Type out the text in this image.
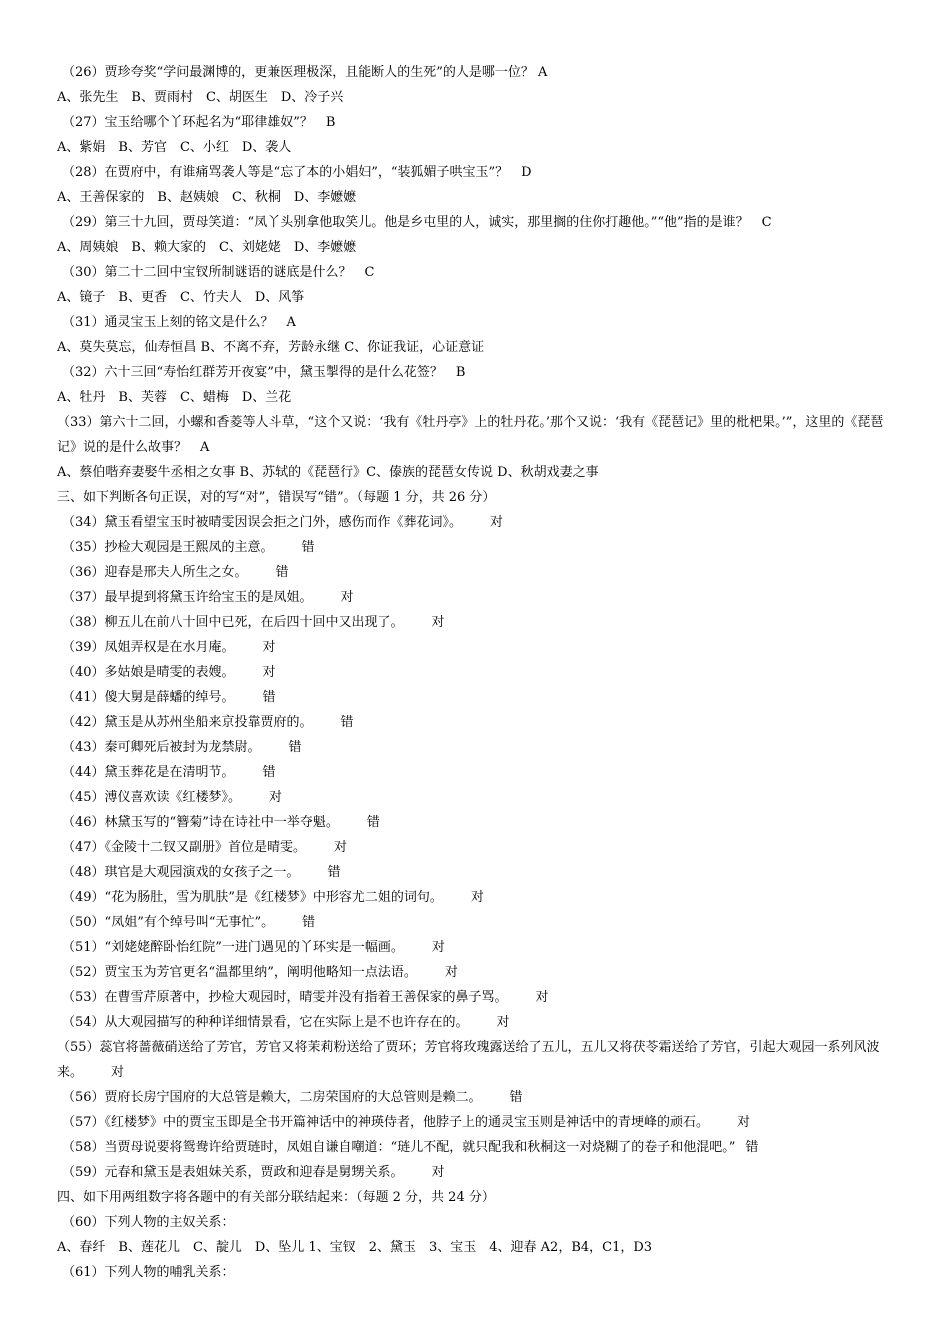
（26）贾珍夸奖“学问最渊博的，更兼医理极深，且能断人的生死”的人是哪一位？ A
A、张先生　B、贾雨村　C、胡医生　D、冷子兴
（27）宝玉给哪个丫环起名为“耶律雄奴”？　B
A、紫娟　B、芳官　C、小红　D、袭人
（28）在贾府中，有谁痛骂袭人等是“忘了本的小娼妇”，“装狐媚子哄宝玉”？　D
A、王善保家的　B、赵姨娘　C、秋桐　D、李嬷嬷
（29）第三十九回，贾母笑道：“凤丫头别拿他取笑儿。他是乡屯里的人，诚实，那里搁的住你打趣他。”“他”指的是谁？　C
A、周姨娘　B、赖大家的　C、刘姥姥　D、李嬷嬷
（30）第二十二回中宝钗所制谜语的谜底是什么？　C
A、镜子　B、更香　C、竹夫人　D、风筝
（31）通灵宝玉上刻的铭文是什么？　A
A、莫失莫忘，仙寿恒昌 B、不离不弃，芳龄永继 C、你证我证，心证意证
（32）六十三回“寿怡红群芳开夜宴”中，黛玉掣得的是什么花签？　B
A、牡丹　B、芙蓉　C、蜡梅　D、兰花
（33）第六十二回，小螺和香菱等人斗草，“这个又说：‘我有《牡丹亭》上的牡丹花。’那个又说：‘我有《琵琶记》里的枇杷果。’”，这里的《琵琶记》说的是什么故事？　A
A、蔡伯喈弃妻娶牛丞相之女事 B、苏轼的《琵琶行》C、傣族的琵琶女传说 D、秋胡戏妻之事
三、如下判断各句正误，对的写“对”，错误写“错”。（每题 1 分，共 26 分）
（34）黛玉看望宝玉时被晴雯因误会拒之门外，感伤而作《葬花词》。 对
（35）抄检大观园是王熙凤的主意。 错
（36）迎春是邢夫人所生之女。 错
（37）最早提到将黛玉许给宝玉的是凤姐。 对
（38）柳五儿在前八十回中已死，在后四十回中又出现了。 对
（39）凤姐弄权是在水月庵。 对
（40）多姑娘是晴雯的表嫂。 对
（41）傻大舅是薛蟠的绰号。 错
（42）黛玉是从苏州坐船来京投靠贾府的。 错
（43）秦可卿死后被封为龙禁尉。 错
（44）黛玉葬花是在清明节。 错
（45）溥仪喜欢读《红楼梦》。 对
（46）林黛玉写的“簪菊”诗在诗社中一举夺魁。 错
（47）《金陵十二钗又副册》首位是晴雯。 对
（48）琪官是大观园演戏的女孩子之一。 错
（49）“花为肠肚，雪为肌肤”是《红楼梦》中形容尤二姐的词句。 对
（50）“凤姐”有个绰号叫“无事忙”。 错
（51）“刘姥姥醉卧怡红院”一进门遇见的丫环实是一幅画。 对
（52）贾宝玉为芳官更名“温都里纳”，阐明他略知一点法语。 对
（53）在曹雪芹原著中，抄检大观园时，晴雯并没有指着王善保家的鼻子骂。 对
（54）从大观园描写的种种详细情景看，它在实际上是不也许存在的。 对
（55）蕊官将蔷薇硝送给了芳官，芳官又将茉莉粉送给了贾环；芳官将玫瑰露送给了五儿，五儿又将茯苓霜送给了芳官，引起大观园一系列风波来。 对
（56）贾府长房宁国府的大总管是赖大，二房荣国府的大总管则是赖二。 错
（57）《红楼梦》中的贾宝玉即是全书开篇神话中的神瑛侍者，他脖子上的通灵宝玉则是神话中的青埂峰的顽石。 对
（58）当贾母说要将鸳鸯许给贾琏时，凤姐自谦自嘲道：“琏儿不配，就只配我和秋桐这一对烧糊了的卷子和他混吧。” 错
（59）元春和黛玉是表姐妹关系，贾政和迎春是舅甥关系。 对
四、如下用两组数字将各题中的有关部分联结起来：（每题 2 分，共 24 分）
（60）下列人物的主奴关系：
A、春纤　B、莲花儿　C、靛儿　D、坠儿 1、宝钗　2、黛玉　3、宝玉　4、迎春 A2，B4，C1，D3
（61）下列人物的哺乳关系：
